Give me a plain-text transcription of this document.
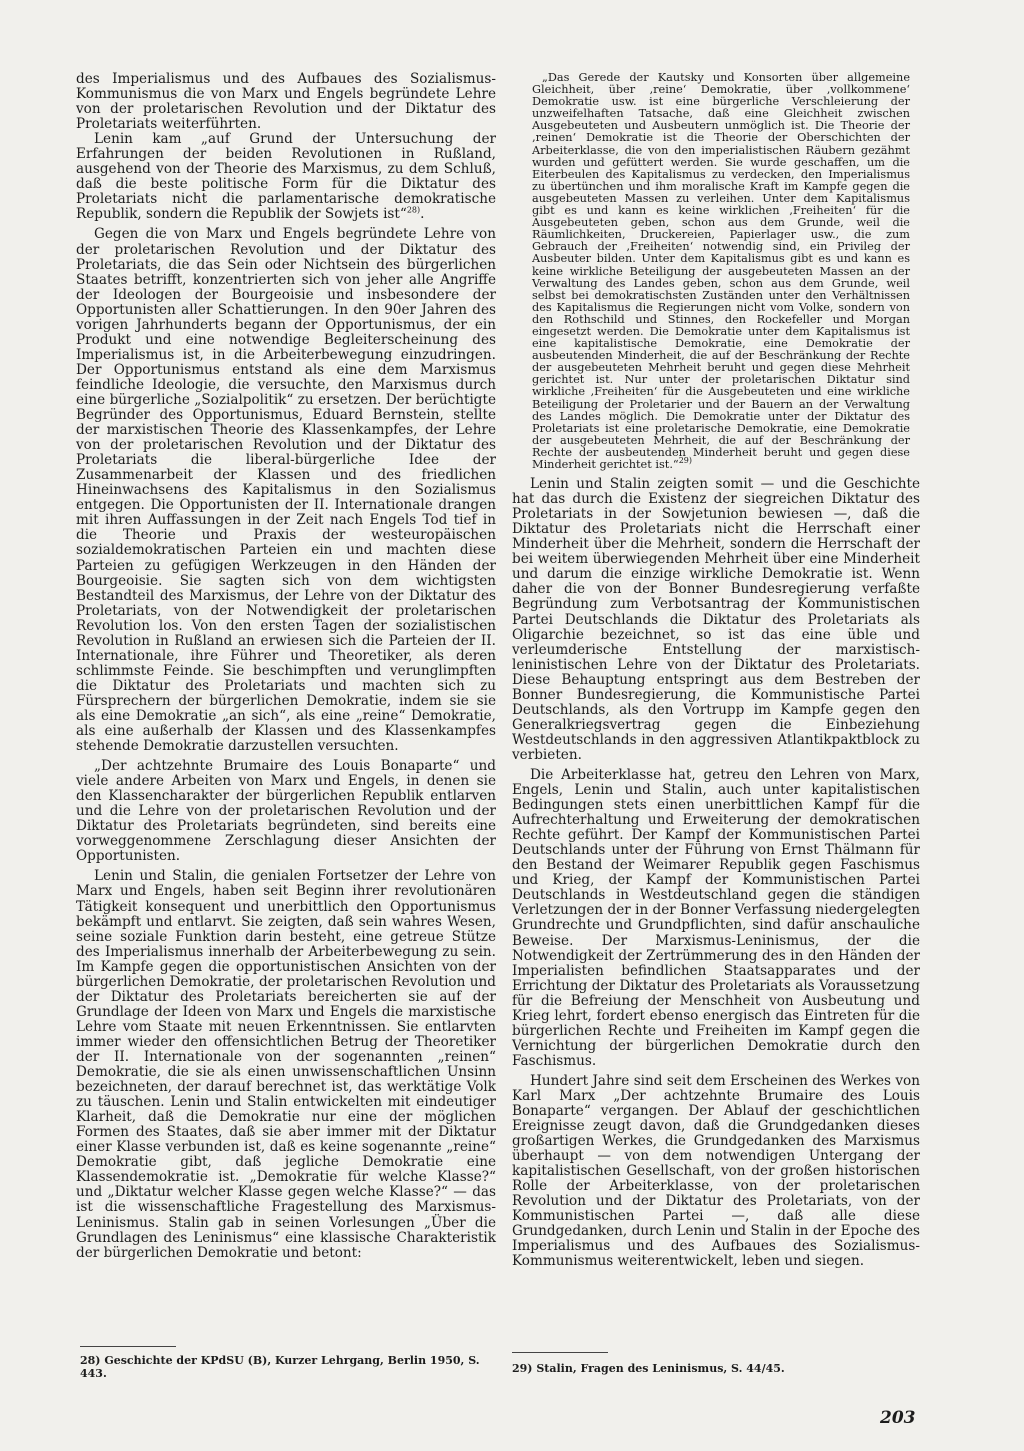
des Imperialismus und des Aufbaues des Sozialismus-Kommunismus die von Marx und Engels begründete Lehre von der proletarischen Revolution und der Diktatur des Proletariats weiterführten.

Lenin kam „auf Grund der Untersuchung der Erfahrungen der beiden Revolutionen in Rußland, ausgehend von der Theorie des Marxismus, zu dem Schluß, daß die beste politische Form für die Diktatur des Proletariats nicht die parlamentarische demokratische Republik, sondern die Republik der Sowjets ist“$^{28)}$.

Gegen die von Marx und Engels begründete Lehre von der proletarischen Revolution und der Diktatur des Proletariats, die das Sein oder Nichtsein des bürgerlichen Staates betrifft, konzentrierten sich von jeher alle Angriffe der Ideologen der Bourgeoisie und insbesondere der Opportunisten aller Schattierungen. In den 90er Jahren des vorigen Jahrhunderts begann der Opportunismus, der ein Produkt und eine notwendige Begleiterscheinung des Imperialismus ist, in die Arbeiterbewegung einzudringen. Der Opportunismus entstand als eine dem Marxismus feindliche Ideologie, die versuchte, den Marxismus durch eine bürgerliche „Sozialpolitik“ zu ersetzen. Der berüchtigte Begründer des Opportunismus, Eduard Bernstein, stellte der marxistischen Theorie des Klassenkampfes, der Lehre von der proletarischen Revolution und der Diktatur des Proletariats die liberal-bürgerliche Idee der Zusammenarbeit der Klassen und des friedlichen Hineinwachsens des Kapitalismus in den Sozialismus entgegen. Die Opportunisten der II. Internationale drangen mit ihren Auffassungen in der Zeit nach Engels Tod tief in die Theorie und Praxis der westeuropäischen sozialdemokratischen Parteien ein und machten diese Parteien zu gefügigen Werkzeugen in den Händen der Bourgeoisie. Sie sagten sich von dem wichtigsten Bestandteil des Marxismus, der Lehre von der Diktatur des Proletariats, von der Notwendigkeit der proletarischen Revolution los. Von den ersten Tagen der sozialistischen Revolution in Rußland an erwiesen sich die Parteien der II. Internationale, ihre Führer und Theoretiker, als deren schlimmste Feinde. Sie beschimpften und verunglimpften die Diktatur des Proletariats und machten sich zu Fürsprechern der bürgerlichen Demokratie, indem sie sie als eine Demokratie „an sich“, als eine „reine“ Demokratie, als eine außerhalb der Klassen und des Klassenkampfes stehende Demokratie darzustellen versuchten.

„Der achtzehnte Brumaire des Louis Bonaparte“ und viele andere Arbeiten von Marx und Engels, in denen sie den Klassencharakter der bürgerlichen Republik entlarven und die Lehre von der proletarischen Revolution und der Diktatur des Proletariats begründeten, sind bereits eine vorweggenommene Zerschlagung dieser Ansichten der Opportunisten.

Lenin und Stalin, die genialen Fortsetzer der Lehre von Marx und Engels, haben seit Beginn ihrer revolutionären Tätigkeit konsequent und unerbittlich den Opportunismus bekämpft und entlarvt. Sie zeigten, daß sein wahres Wesen, seine soziale Funktion darin besteht, eine getreue Stütze des Imperialismus innerhalb der Arbeiterbewegung zu sein. Im Kampfe gegen die opportunistischen Ansichten von der bürgerlichen Demokratie, der proletarischen Revolution und der Diktatur des Proletariats bereicherten sie auf der Grundlage der Ideen von Marx und Engels die marxistische Lehre vom Staate mit neuen Erkenntnissen. Sie entlarvten immer wieder den offensichtlichen Betrug der Theoretiker der II. Internationale von der sogenannten „reinen“ Demokratie, die sie als einen unwissenschaftlichen Unsinn bezeichneten, der darauf berechnet ist, das werktätige Volk zu täuschen. Lenin und Stalin entwickelten mit eindeutiger Klarheit, daß die Demokratie nur eine der möglichen Formen des Staates, daß sie aber immer mit der Diktatur einer Klasse verbunden ist, daß es keine sogenannte „reine“ Demokratie gibt, daß jegliche Demokratie eine Klassendemokratie ist. „Demokratie für welche Klasse?“ und „Diktatur welcher Klasse gegen welche Klasse?“ — das ist die wissenschaftliche Fragestellung des Marxismus-Leninismus. Stalin gab in seinen Vorlesungen „Über die Grundlagen des Leninismus“ eine klassische Charakteristik der bürgerlichen Demokratie und betont:

„Das Gerede der Kautsky und Konsorten über allgemeine Gleichheit, über ‚reine‘ Demokratie, über ‚vollkommene‘ Demokratie usw. ist eine bürgerliche Verschleierung der unzweifelhaften Tatsache, daß eine Gleichheit zwischen Ausgebeuteten und Ausbeutern unmöglich ist. Die Theorie der ‚reinen‘ Demokratie ist die Theorie der Oberschichten der Arbeiterklasse, die von den imperialistischen Räubern gezähmt wurden und gefüttert werden. Sie wurde geschaffen, um die Eiterbeulen des Kapitalismus zu verdecken, den Imperialismus zu übertünchen und ihm moralische Kraft im Kampfe gegen die ausgebeuteten Massen zu verleihen. Unter dem Kapitalismus gibt es und kann es keine wirklichen ‚Freiheiten‘ für die Ausgebeuteten geben, schon aus dem Grunde, weil die Räumlichkeiten, Druckereien, Papierlager usw., die zum Gebrauch der ‚Freiheiten‘ notwendig sind, ein Privileg der Ausbeuter bilden. Unter dem Kapitalismus gibt es und kann es keine wirkliche Beteiligung der ausgebeuteten Massen an der Verwaltung des Landes geben, schon aus dem Grunde, weil selbst bei demokratischsten Zuständen unter den Verhältnissen des Kapitalismus die Regierungen nicht vom Volke, sondern von den Rothschild und Stinnes, den Rockefeller und Morgan eingesetzt werden. Die Demokratie unter dem Kapitalismus ist eine kapitalistische Demokratie, eine Demokratie der ausbeutenden Minderheit, die auf der Beschränkung der Rechte der ausgebeuteten Mehrheit beruht und gegen diese Mehrheit gerichtet ist. Nur unter der proletarischen Diktatur sind wirkliche ‚Freiheiten‘ für die Ausgebeuteten und eine wirkliche Beteiligung der Proletarier und der Bauern an der Verwaltung des Landes möglich. Die Demokratie unter der Diktatur des Proletariats ist eine proletarische Demokratie, eine Demokratie der ausgebeuteten Mehrheit, die auf der Beschränkung der Rechte der ausbeutenden Minderheit beruht und gegen diese Minderheit gerichtet ist.“$^{29)}$

Lenin und Stalin zeigten somit — und die Geschichte hat das durch die Existenz der siegreichen Diktatur des Proletariats in der Sowjetunion bewiesen —, daß die Diktatur des Proletariats nicht die Herrschaft einer Minderheit über die Mehrheit, sondern die Herrschaft der bei weitem überwiegenden Mehrheit über eine Minderheit und darum die einzige wirkliche Demokratie ist. Wenn daher die von der Bonner Bundesregierung verfaßte Begründung zum Verbotsantrag der Kommunistischen Partei Deutschlands die Diktatur des Proletariats als Oligarchie bezeichnet, so ist das eine üble und verleumderische Entstellung der marxistisch-leninistischen Lehre von der Diktatur des Proletariats. Diese Behauptung entspringt aus dem Bestreben der Bonner Bundesregierung, die Kommunistische Partei Deutschlands, als den Vortrupp im Kampfe gegen den Generalkriegsvertrag gegen die Einbeziehung Westdeutschlands in den aggressiven Atlantikpaktblock zu verbieten.

Die Arbeiterklasse hat, getreu den Lehren von Marx, Engels, Lenin und Stalin, auch unter kapitalistischen Bedingungen stets einen unerbittlichen Kampf für die Aufrechterhaltung und Erweiterung der demokratischen Rechte geführt. Der Kampf der Kommunistischen Partei Deutschlands unter der Führung von Ernst Thälmann für den Bestand der Weimarer Republik gegen Faschismus und Krieg, der Kampf der Kommunistischen Partei Deutschlands in Westdeutschland gegen die ständigen Verletzungen der in der Bonner Verfassung niedergelegten Grundrechte und Grundpflichten, sind dafür anschauliche Beweise. Der Marxismus-Leninismus, der die Notwendigkeit der Zertrümmerung des in den Händen der Imperialisten befindlichen Staatsapparates und der Errichtung der Diktatur des Proletariats als Voraussetzung für die Befreiung der Menschheit von Ausbeutung und Krieg lehrt, fordert ebenso energisch das Eintreten für die bürgerlichen Rechte und Freiheiten im Kampf gegen die Vernichtung der bürgerlichen Demokratie durch den Faschismus.

Hundert Jahre sind seit dem Erscheinen des Werkes von Karl Marx „Der achtzehnte Brumaire des Louis Bonaparte“ vergangen. Der Ablauf der geschichtlichen Ereignisse zeugt davon, daß die Grundgedanken dieses großartigen Werkes, die Grundgedanken des Marxismus überhaupt — von dem notwendigen Untergang der kapitalistischen Gesellschaft, von der großen historischen Rolle der Arbeiterklasse, von der proletarischen Revolution und der Diktatur des Proletariats, von der Kommunistischen Partei —, daß alle diese Grundgedanken, durch Lenin und Stalin in der Epoche des Imperialismus und des Aufbaues des Sozialismus-Kommunismus weiterentwickelt, leben und siegen.

28) Geschichte der KPdSU (B), Kurzer Lehrgang, Berlin 1950, S. 443.	29) Stalin, Fragen des Leninismus, S. 44/45.
203
